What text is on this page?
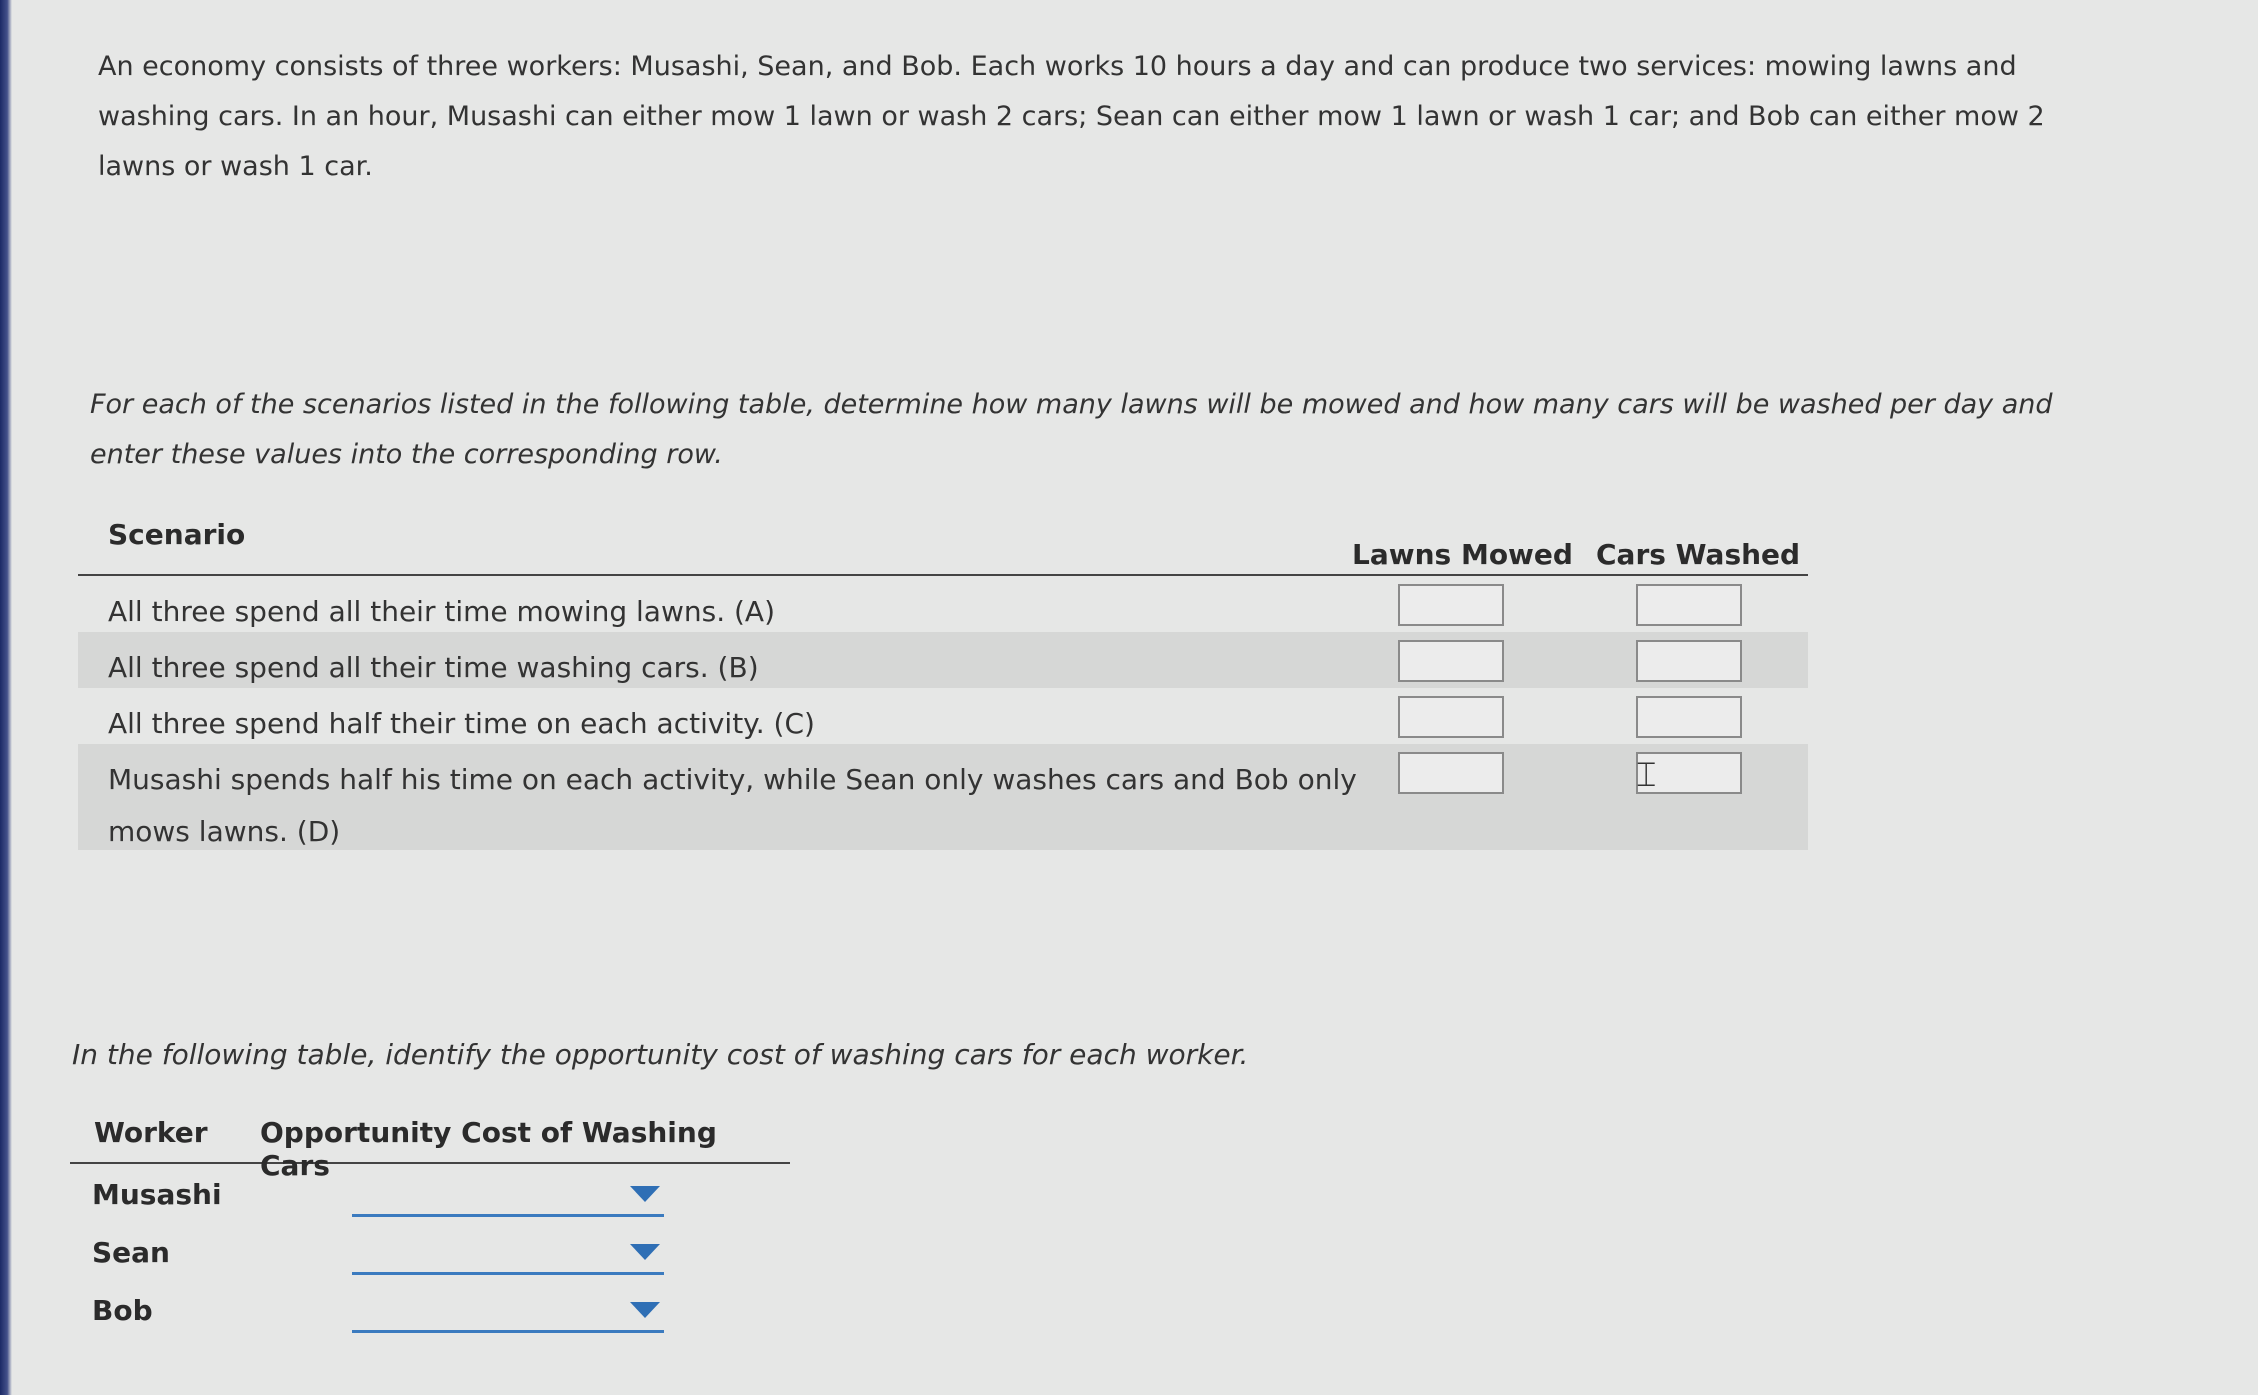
An economy consists of three workers: Musashi, Sean, and Bob. Each works 10 hours a day and can produce two services: mowing lawns and washing cars. In an hour, Musashi can either mow 1 lawn or wash 2 cars; Sean can either mow 1 lawn or wash 1 car; and Bob can either mow 2 lawns or wash 1 car.
For each of the scenarios listed in the following table, determine how many lawns will be mowed and how many cars will be washed per day and enter these values into the corresponding row.
Scenario
Lawns Mowed Cars Washed
All three spend all their time mowing lawns. (A)
All three spend all their time washing cars. (B)
All three spend half their time on each activity. (C)
Musashi spends half his time on each activity, while Sean only washes cars and Bob only mows lawns. (D)
⌶
In the following table, identify the opportunity cost of washing cars for each worker.
Worker Opportunity Cost of Washing Cars
Musashi
Sean
Bob
